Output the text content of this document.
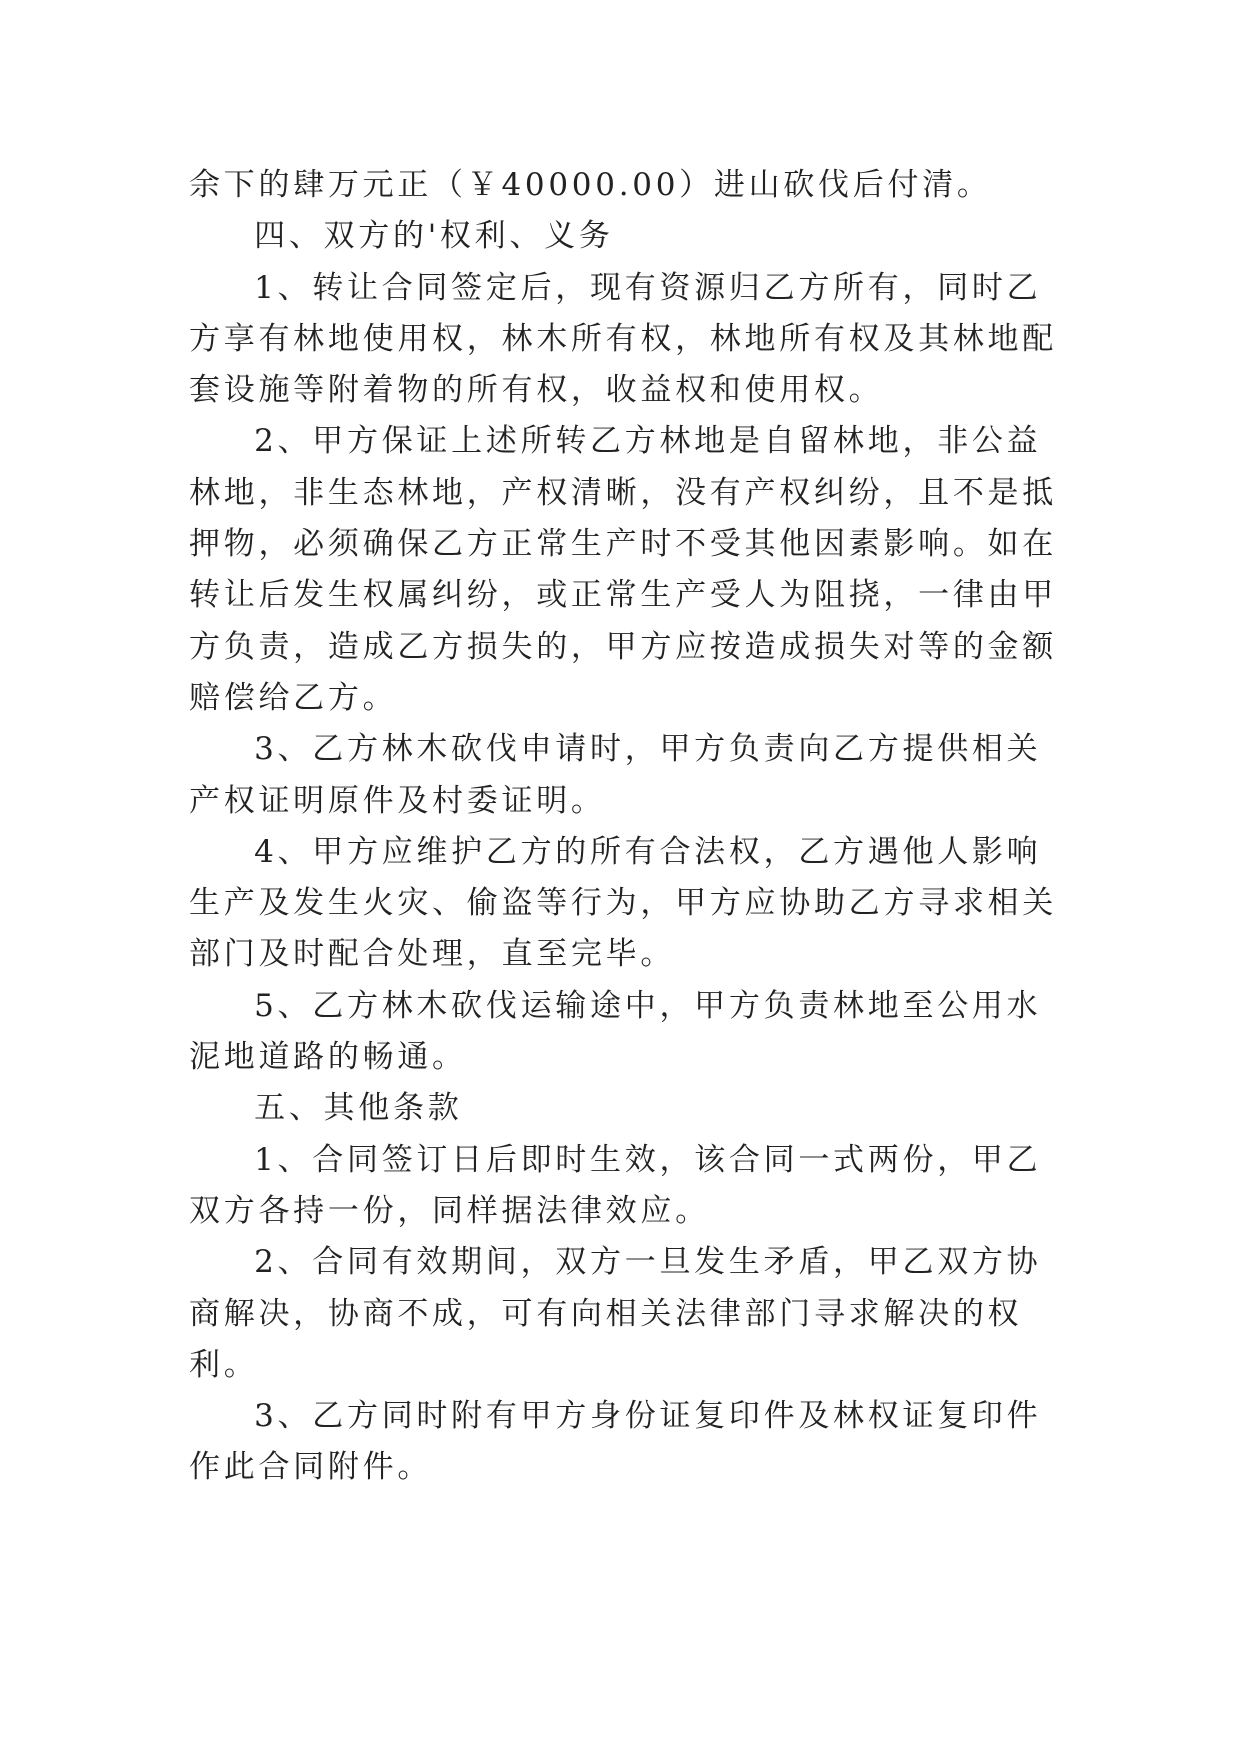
余下的肆万元正（￥40000.00）进山砍伐后付清。

四、双方的'权利、义务

1、转让合同签定后，现有资源归乙方所有，同时乙方享有林地使用权，林木所有权，林地所有权及其林地配套设施等附着物的所有权，收益权和使用权。

2、甲方保证上述所转乙方林地是自留林地，非公益林地，非生态林地，产权清晰，没有产权纠纷，且不是抵押物，必须确保乙方正常生产时不受其他因素影响。如在转让后发生权属纠纷，或正常生产受人为阻挠，一律由甲方负责，造成乙方损失的，甲方应按造成损失对等的金额赔偿给乙方。

3、乙方林木砍伐申请时，甲方负责向乙方提供相关产权证明原件及村委证明。

4、甲方应维护乙方的所有合法权，乙方遇他人影响生产及发生火灾、偷盗等行为，甲方应协助乙方寻求相关部门及时配合处理，直至完毕。

5、乙方林木砍伐运输途中，甲方负责林地至公用水泥地道路的畅通。

五、其他条款

1、合同签订日后即时生效，该合同一式两份，甲乙双方各持一份，同样据法律效应。

2、合同有效期间，双方一旦发生矛盾，甲乙双方协商解决，协商不成，可有向相关法律部门寻求解决的权利。

3、乙方同时附有甲方身份证复印件及林权证复印件作此合同附件。
